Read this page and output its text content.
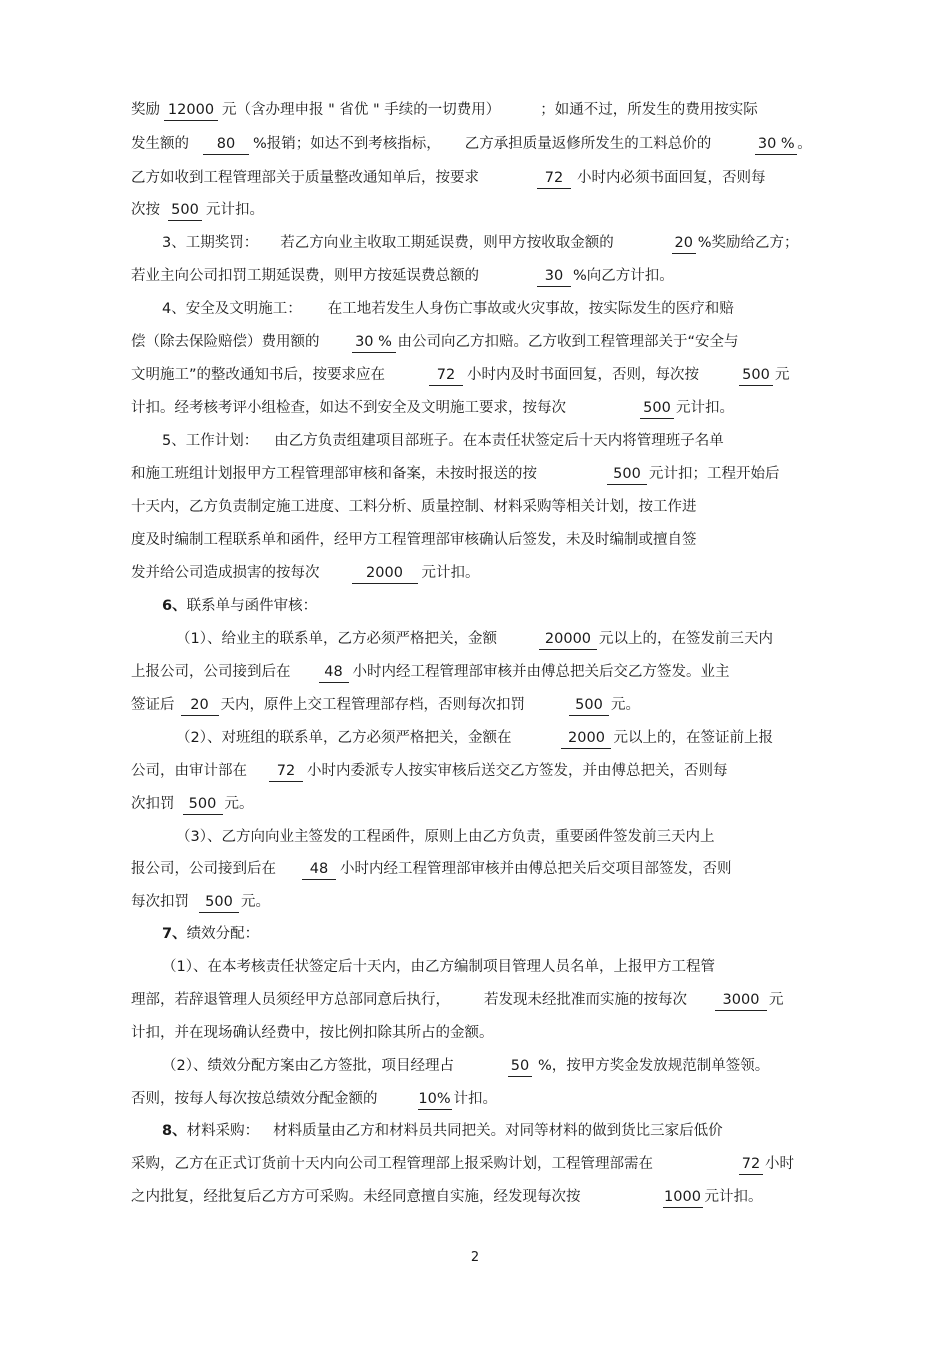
奖励 12000 元（含办理申报 " 省优 " 手续的一切费用）	；如通不过，所发生的费用按实际
发生额的 80 %报销；如达不到考核指标， 乙方承担质量返修所发生的工料总价的	30 % 。
乙方如收到工程管理部关于质量整改通知单后，按要求	72 小时内必须书面回复，否则每
次按 500 元计扣。
3、工期奖罚： 若乙方向业主收取工期延误费，则甲方按收取金额的	20 %奖励给乙方；
若业主向公司扣罚工期延误费，则甲方按延误费总额的	30 %向乙方计扣。
4、安全及文明施工： 在工地若发生人身伤亡事故或火灾事故，按实际发生的医疗和赔
偿（除去保险赔偿）费用额的 30 % 由公司向乙方扣赔。乙方收到工程管理部关于“安全与
文明施工”的整改通知书后，按要求应在	72 小时内及时书面回复，否则，每次按	500 元
计扣。经考核考评小组检查，如达不到安全及文明施工要求，按每次	500 元计扣。
5、工作计划： 由乙方负责组建项目部班子。在本责任状签定后十天内将管理班子名单
和施工班组计划报甲方工程管理部审核和备案，未按时报送的按	500 元计扣；工程开始后
十天内，乙方负责制定施工进度、工料分析、质量控制、材料采购等相关计划，按工作进
度及时编制工程联系单和函件，经甲方工程管理部审核确认后签发，未及时编制或擅自签
发并给公司造成损害的按每次	2000 元计扣。
6、联系单与函件审核：
（1）、给业主的联系单，乙方必须严格把关，金额	20000 元以上的，在签发前三天内
上报公司，公司接到后在 48 小时内经工程管理部审核并由傅总把关后交乙方签发。业主
签证后 20 天内，原件上交工程管理部存档，否则每次扣罚	500 元。
（2）、对班组的联系单，乙方必须严格把关，金额在	2000 元以上的，在签证前上报
公司，由审计部在 72 小时内委派专人按实审核后送交乙方签发，并由傅总把关，否则每
次扣罚 500 元。
（3）、乙方向向业主签发的工程函件，原则上由乙方负责，重要函件签发前三天内上
报公司，公司接到后在 48 小时内经工程管理部审核并由傅总把关后交项目部签发，否则
每次扣罚 500 元。
7、绩效分配：
（1）、在本考核责任状签定后十天内，由乙方编制项目管理人员名单，上报甲方工程管
理部，若辞退管理人员须经甲方总部同意后执行， 若发现未经批准而实施的按每次 3000 元
计扣，并在现场确认经费中，按比例扣除其所占的金额。
（2）、绩效分配方案由乙方签批，项目经理占	50 %，按甲方奖金发放规范制单签领。
否则，按每人每次按总绩效分配金额的	10% 计扣。
8、材料采购： 材料质量由乙方和材料员共同把关。对同等材料的做到货比三家后低价
采购，乙方在正式订货前十天内向公司工程管理部上报采购计划，工程管理部需在	72 小时
之内批复，经批复后乙方方可采购。未经同意擅自实施，经发现每次按	1000 元计扣。
2
